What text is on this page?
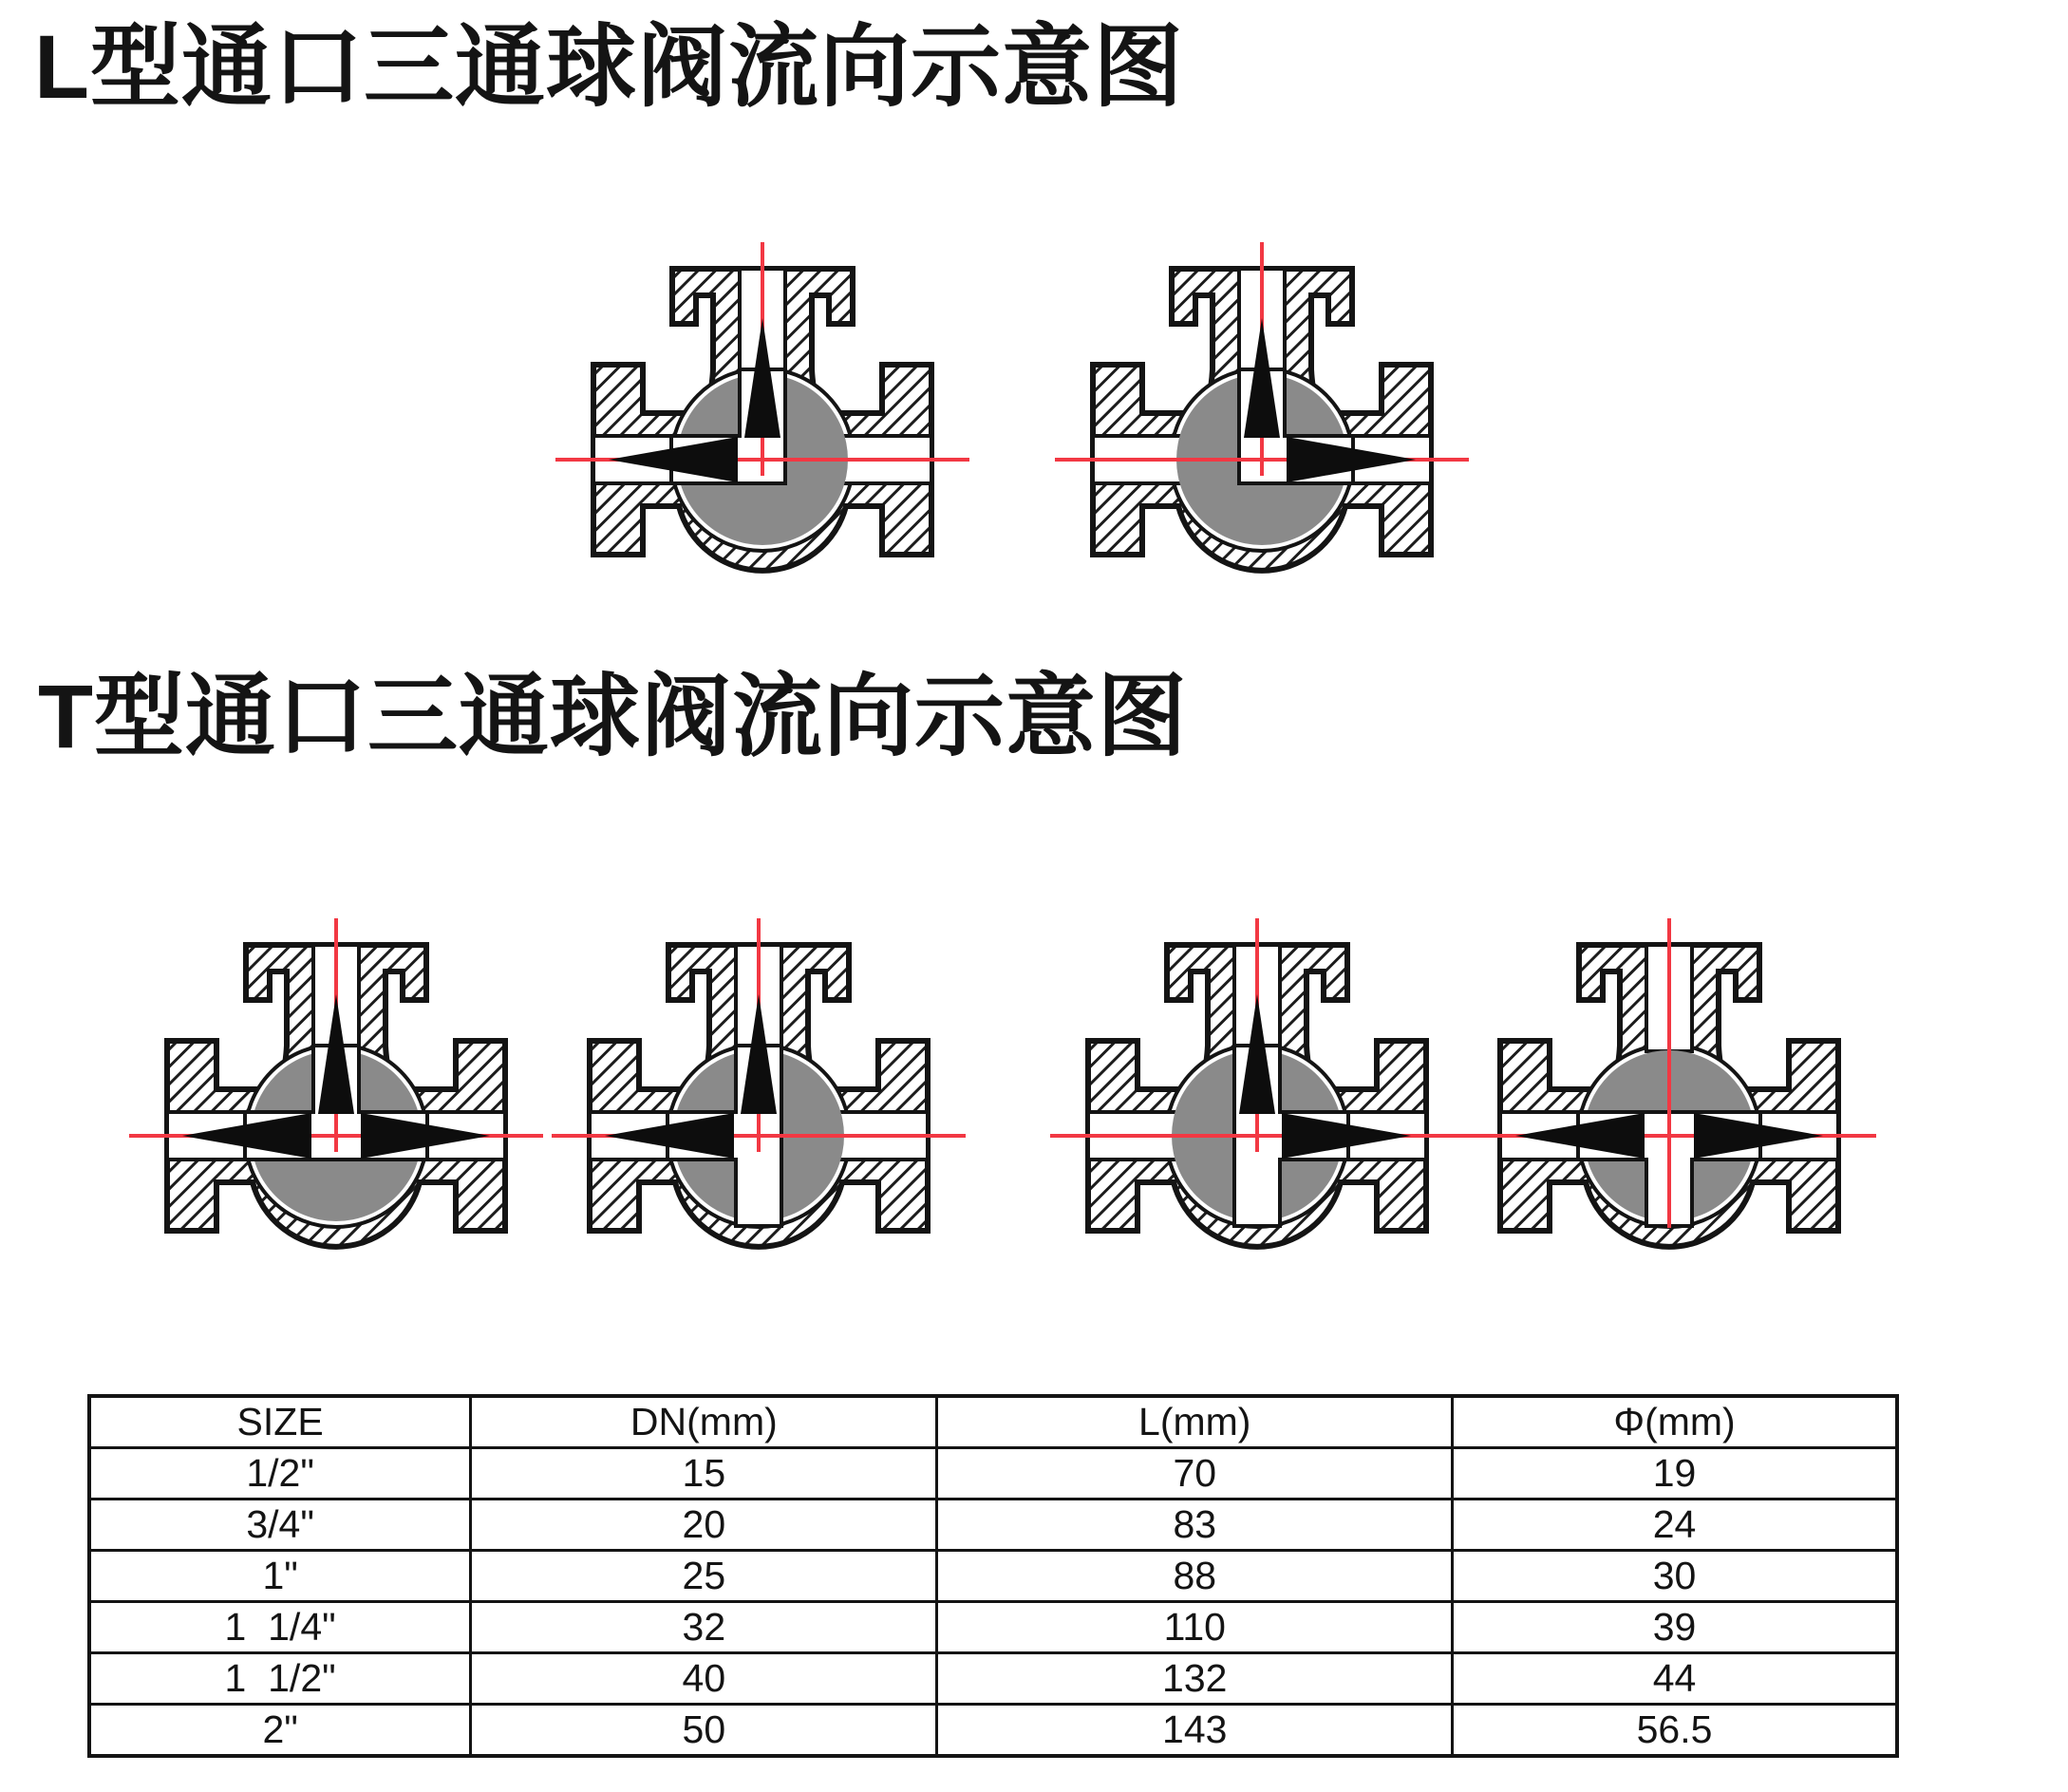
L型通口三通球阀流向示意图
T型通口三通球阀流向示意图
SIZE	DN(mm)	L(mm)	Φ(mm)
1/2"	15	70	19
3/4"	20	83	24
1"	25	88	30
1  1/4"	32	110	39
1  1/2"	40	132	44
2"	50	143	56.5
